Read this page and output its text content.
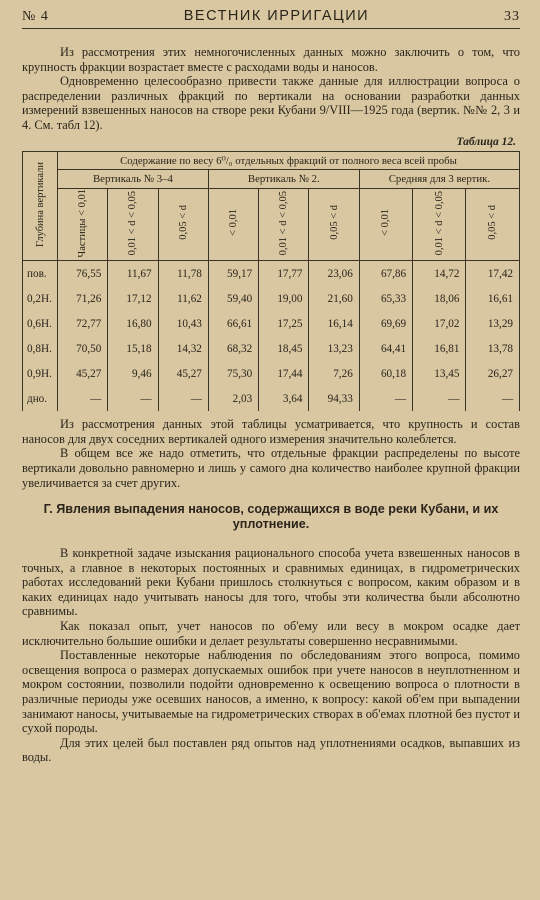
№ 4	ВЕСТНИК ИРРИГАЦИИ	33

Из рассмотрения этих немногочисленных данных можно заключить о том, что крупность фракции возрастает вместе с расходами воды и наносов.

Одновременно целесообразно привести также данные для иллюстрации вопроса о распределении различных фракций по вертикали на основании разработки данных измерений взвешенных наносов на створе реки Кубани 9/VIII—1925 года (вертик. №№ 2, 3 и 4. См. табл 12).

Таблица 12.
Глубина вертикали	Содержание по весу 6⁰/₀ отдельных фракций от полного веса всей пробы								
	Вертикаль № 3–4			Вертикаль № 2.			Средняя для 3 вертик.		
	Частицы < 0,01	0,01 < d < 0,05	0,05 < d	< 0,01	0,01 < d < 0,05	0,05 < d	< 0,01	0,01 < d < 0,05	0,05 < d
пов.	76,55	11,67	11,78	59,17	17,77	23,06	67,86	14,72	17,42
0,2Н.	71,26	17,12	11,62	59,40	19,00	21,60	65,33	18,06	16,61
0,6Н.	72,77	16,80	10,43	66,61	17,25	16,14	69,69	17,02	13,29
0,8Н.	70,50	15,18	14,32	68,32	18,45	13,23	64,41	16,81	13,78
0,9Н.	45,27	9,46	45,27	75,30	17,44	7,26	60,18	13,45	26,27
дно.	—	—	—	2,03	3,64	94,33	—	—	—

Из рассмотрения данных этой таблицы усматривается, что крупность и состав наносов для двух соседних вертикалей одного измерения значительно колеблется.

В общем все же надо отметить, что отдельные фракции распределены по высоте вертикали довольно равномерно и лишь у самого дна количество наиболее крупной фракции увеличивается за счет других.

Г. Явления выпадения наносов, содержащихся в воде реки Кубани, и их уплотнение.

В конкретной задаче изыскания рационального способа учета взвешенных наносов в точных, а главное в некоторых постоянных и сравнимых единицах, в гидрометрических работах исследований реки Кубани пришлось столкнуться с вопросом, каким образом и в каких единицах надо учитывать наносы для того, чтобы эти количества были абсолютно сравнимы.

Как показал опыт, учет наносов по об'ему или весу в мокром осадке дает исключительно большие ошибки и делает результаты совершенно несравнимыми.

Поставленные некоторые наблюдения по обследованиям этого вопроса, помимо освещения вопроса о размерах допускаемых ошибок при учете наносов в неуплотненном и мокром состоянии, позволили подойти одновременно к освещению вопроса о плотности в различные периоды уже осевших наносов, а именно, к вопросу: какой об'ем при выпадении занимают наносы, учитываемые на гидрометрических створах в об'емах плотной без пустот и сухой породы.

Для этих целей был поставлен ряд опытов над уплотнениями осадков, выпавших из воды.
